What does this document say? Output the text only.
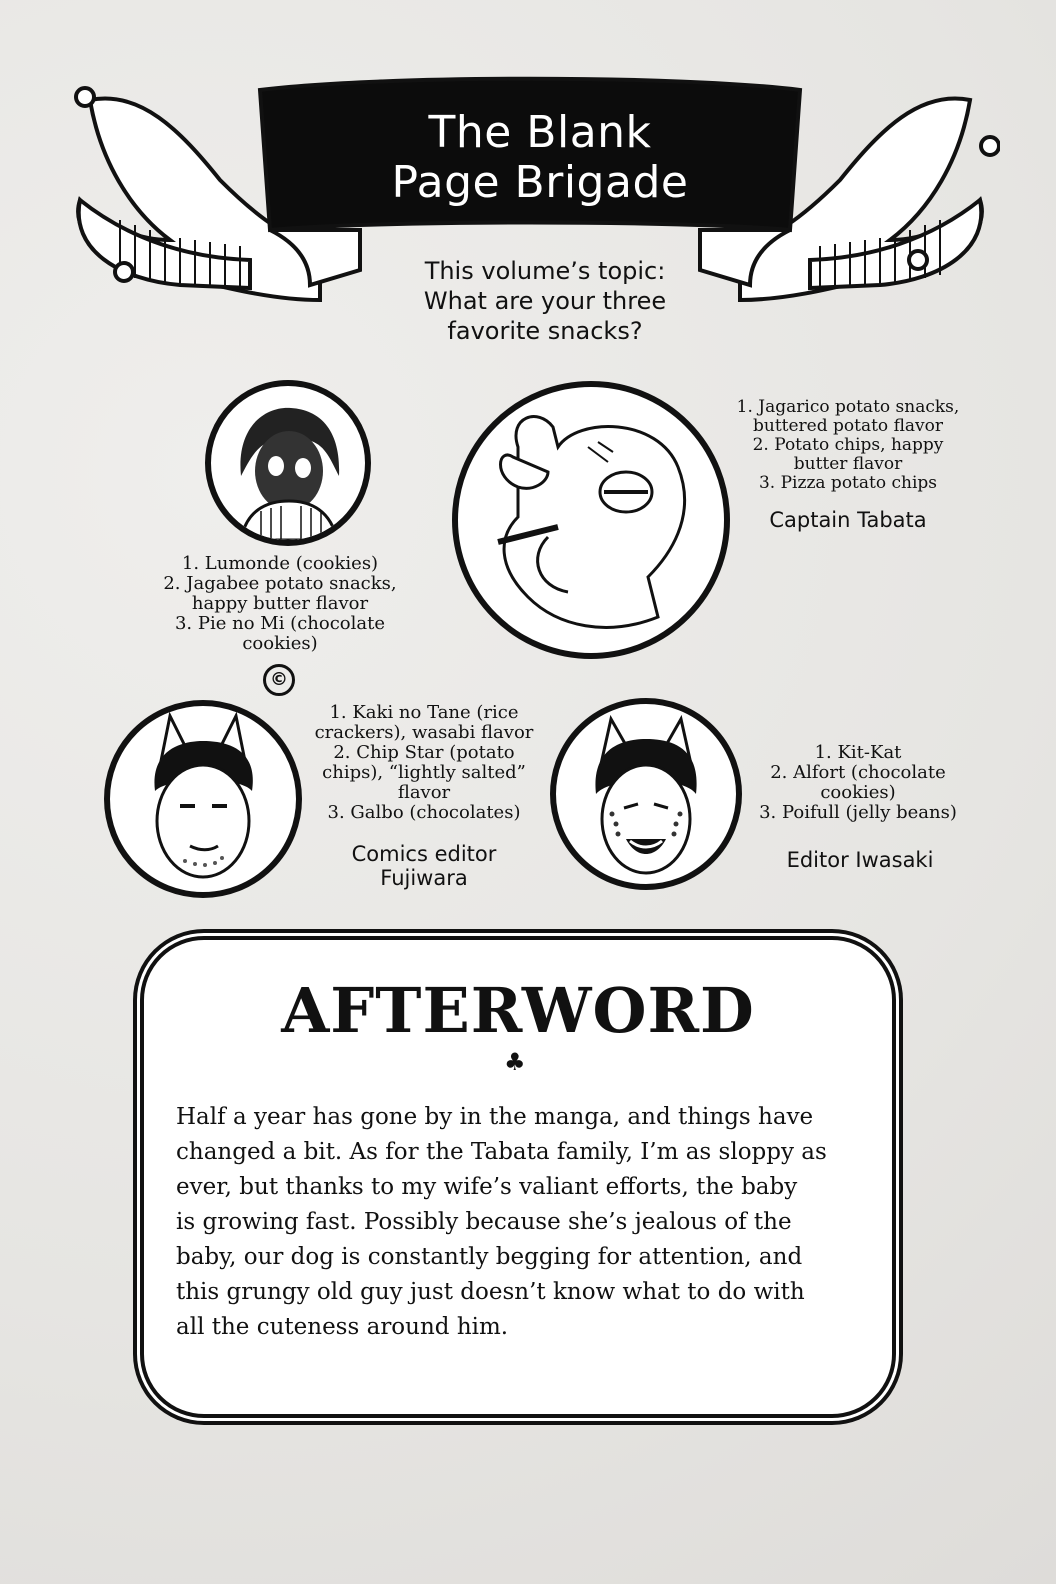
The Blank
Page Brigade
This volume’s topic:
What are your three
favorite snacks?
1. Lumonde (cookies)
2. Jagabee potato snacks,
happy butter flavor
3. Pie no Mi (chocolate
cookies)
©
1. Jagarico potato snacks,
buttered potato flavor
2. Potato chips, happy
butter flavor
3. Pizza potato chips
Captain Tabata
1. Kaki no Tane (rice
crackers), wasabi flavor
2. Chip Star (potato
chips), “lightly salted”
flavor
3. Galbo (chocolates)
Comics editor
Fujiwara
1. Kit-Kat
2. Alfort (chocolate
cookies)
3. Poifull (jelly beans)
Editor Iwasaki
AFTERWORD
♣
Half a year has gone by in the manga, and things have
changed a bit. As for the Tabata family, I’m as sloppy as
ever, but thanks to my wife’s valiant efforts, the baby
is growing fast. Possibly because she’s jealous of the
baby, our dog is constantly begging for attention, and
this grungy old guy just doesn’t know what to do with
all the cuteness around him.
